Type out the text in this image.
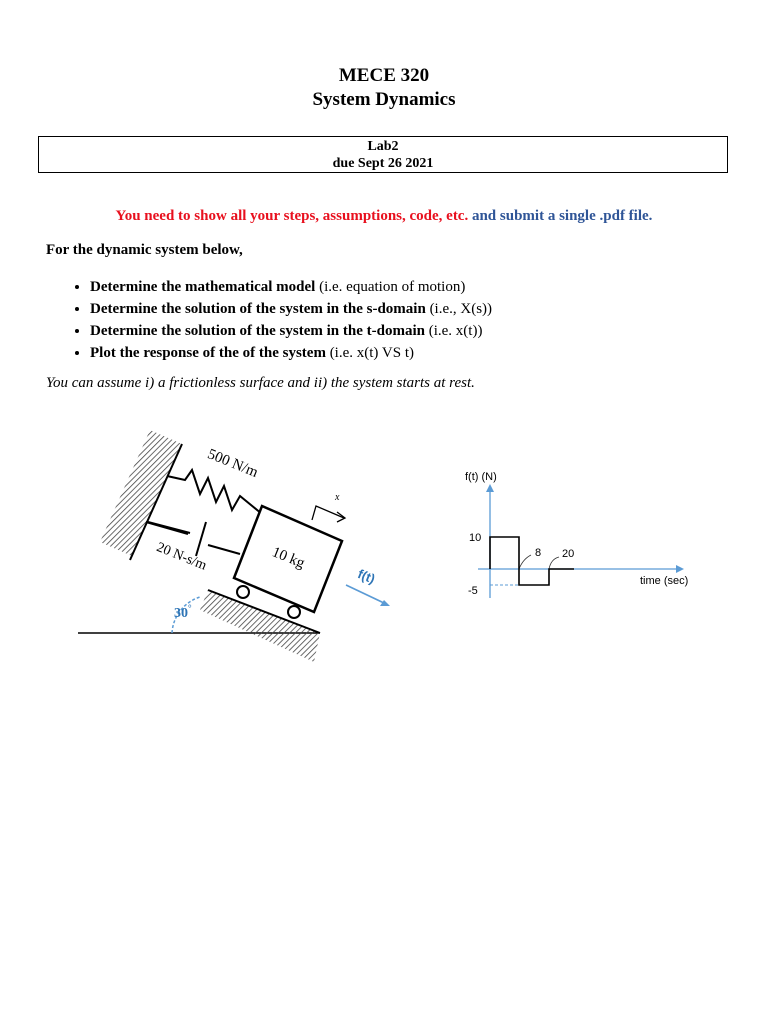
MECE 320
System Dynamics
Lab2
due Sept 26 2021
You need to show all your steps, assumptions, code, etc. and submit a single .pdf file.
For the dynamic system below,
• Determine the mathematical model (i.e. equation of motion)
• Determine the solution of the system in the s-domain (i.e., X(s))
• Determine the solution of the system in the t-domain (i.e. x(t))
• Plot the response of the of the system (i.e. x(t) VS t)
You can assume i) a frictionless surface and ii) the system starts at rest.
10 kg
x
f(t)
500 N/m
20 N-s/m
30°
f(t) (N)
time (sec)
10
-5
8 20
